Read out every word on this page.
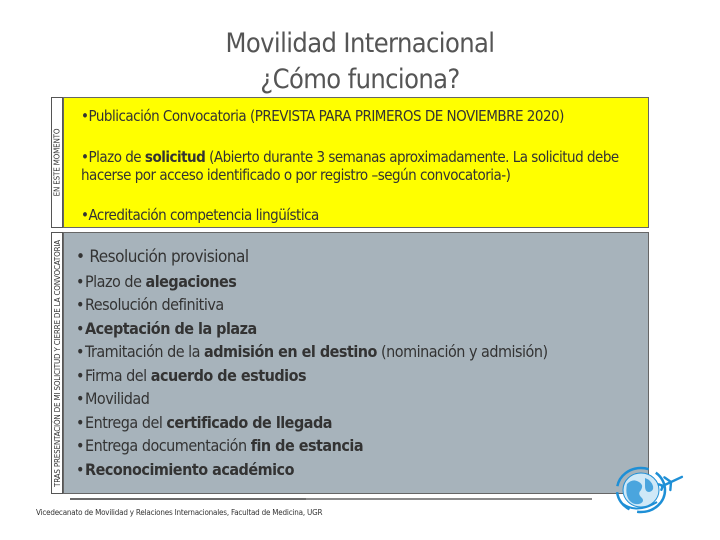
Movilidad Internacional
¿Cómo funciona?
EN ESTE MOMENTO
TRAS PRESENTACIÓN DE MI SOLICITUD Y CIERRE DE LA CONVOCATORIA
•Publicación Convocatoria (PREVISTA PARA PRIMEROS DE NOVIEMBRE 2020)
•Plazo de solicitud (Abierto durante 3 semanas aproximadamente. La solicitud debe hacerse por acceso identificado o por registro –según convocatoria-)
•Acreditación competencia lingüística
• Resolución provisional
•Plazo de alegaciones
•Resolución definitiva
•Aceptación de la plaza
•Tramitación de la admisión en el destino (nominación y admisión)
•Firma del acuerdo de estudios
•Movilidad
•Entrega del certificado de llegada
•Entrega documentación fin de estancia
•Reconocimiento académico
Vicedecanato de Movilidad y Relaciones Internacionales, Facultad de Medicina, UGR
